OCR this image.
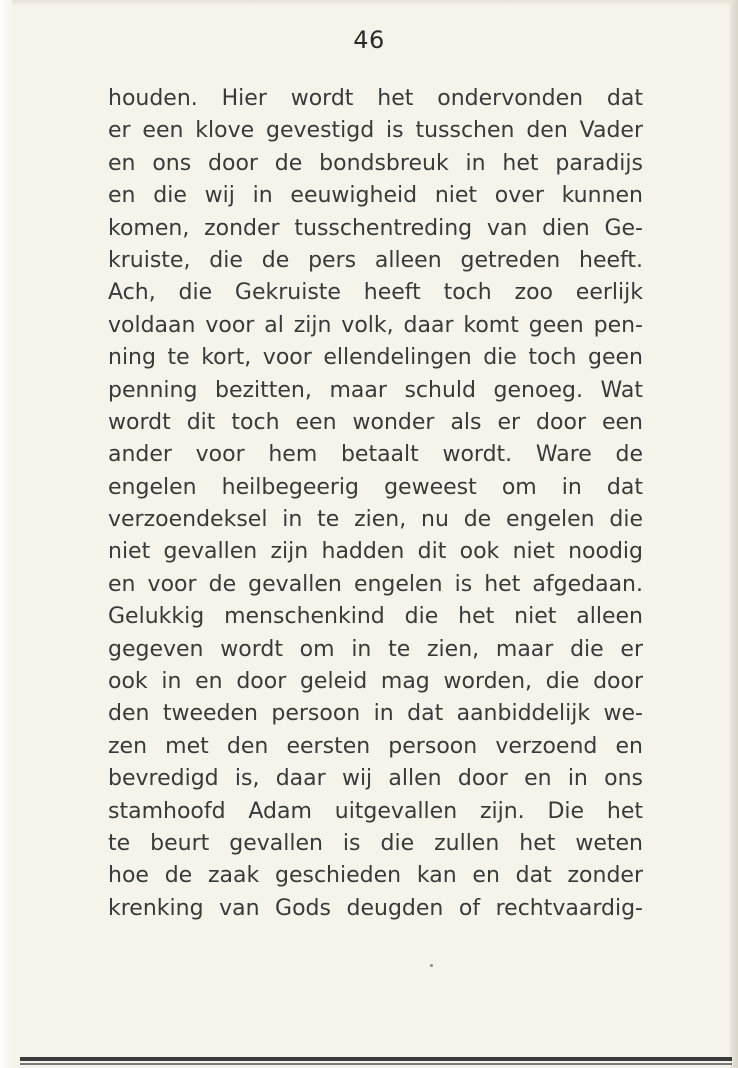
46
houden. Hier wordt het ondervonden dat
er een klove gevestigd is tusschen den Vader
en ons door de bondsbreuk in het paradijs
en die wij in eeuwigheid niet over kunnen
komen, zonder tusschentreding van dien Ge-
kruiste, die de pers alleen getreden heeft.
Ach, die Gekruiste heeft toch zoo eerlijk
voldaan voor al zijn volk, daar komt geen pen-
ning te kort, voor ellendelingen die toch geen
penning bezitten, maar schuld genoeg. Wat
wordt dit toch een wonder als er door een
ander voor hem betaalt wordt. Ware de
engelen heilbegeerig geweest om in dat
verzoendeksel in te zien, nu de engelen die
niet gevallen zijn hadden dit ook niet noodig
en voor de gevallen engelen is het afgedaan.
Gelukkig menschenkind die het niet alleen
gegeven wordt om in te zien, maar die er
ook in en door geleid mag worden, die door
den tweeden persoon in dat aanbiddelijk we-
zen met den eersten persoon verzoend en
bevredigd is, daar wij allen door en in ons
stamhoofd Adam uitgevallen zijn. Die het
te beurt gevallen is die zullen het weten
hoe de zaak geschieden kan en dat zonder
krenking van Gods deugden of rechtvaardig-
